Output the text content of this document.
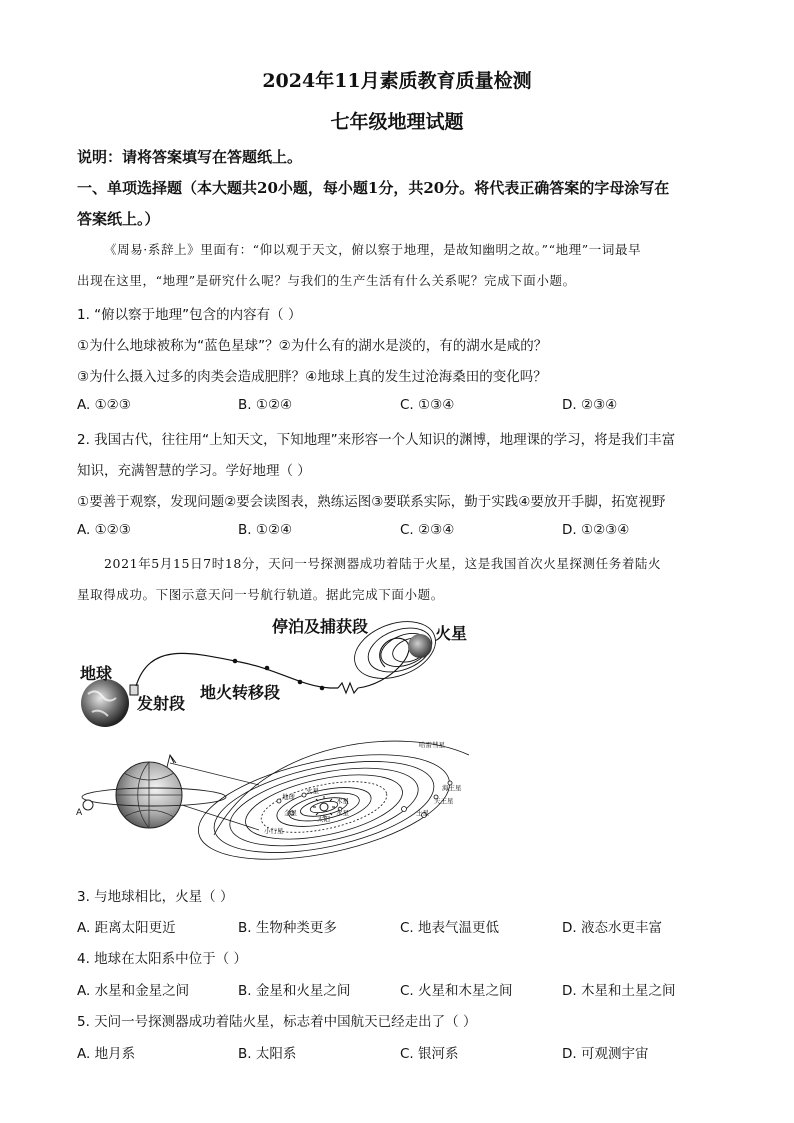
2024年11月素质教育质量检测
七年级地理试题
说明：请将答案填写在答题纸上。
一、单项选择题（本大题共20小题，每小题1分，共20分。将代表正确答案的字母涂写在
答案纸上。）
《周易·系辞上》里面有：“仰以观于天文，俯以察于地理，是故知幽明之故。”“地理”一词最早
出现在这里，“地理”是研究什么呢？与我们的生产生活有什么关系呢？完成下面小题。
1. “俯以察于地理”包含的内容有（ ）
①为什么地球被称为“蓝色星球”？②为什么有的湖水是淡的，有的湖水是咸的？
③为什么摄入过多的肉类会造成肥胖？④地球上真的发生过沧海桑田的变化吗？
A. ①②③	B. ①②④	C. ①③④	D. ②③④
2. 我国古代，往往用“上知天文，下知地理”来形容一个人知识的渊博，地理课的学习，将是我们丰富
知识，充满智慧的学习。学好地理（ ）
①要善于观察，发现问题②要会读图表，熟练运图③要联系实际，勤于实践④要放开手脚，拓宽视野
A. ①②③	B. ①②④	C. ②③④	D. ①②③④
2021年5月15日7时18分，天问一号探测器成功着陆于火星，这是我国首次火星探测任务着陆火
星取得成功。下图示意天问一号航行轨道。据此完成下面小题。
地球
发射段
地火转移段
停泊及捕获段	火星
A
哈雷彗星
海王星
天王星
土星
木星
火星
地球
金星	水星
太阳
小行星
3. 与地球相比，火星（ ）
A. 距离太阳更近	B. 生物种类更多	C. 地表气温更低	D. 液态水更丰富
4. 地球在太阳系中位于（ ）
A. 水星和金星之间	B. 金星和火星之间	C. 火星和木星之间	D. 木星和土星之间
5. 天问一号探测器成功着陆火星，标志着中国航天已经走出了（ ）
A. 地月系	B. 太阳系	C. 银河系	D. 可观测宇宙
